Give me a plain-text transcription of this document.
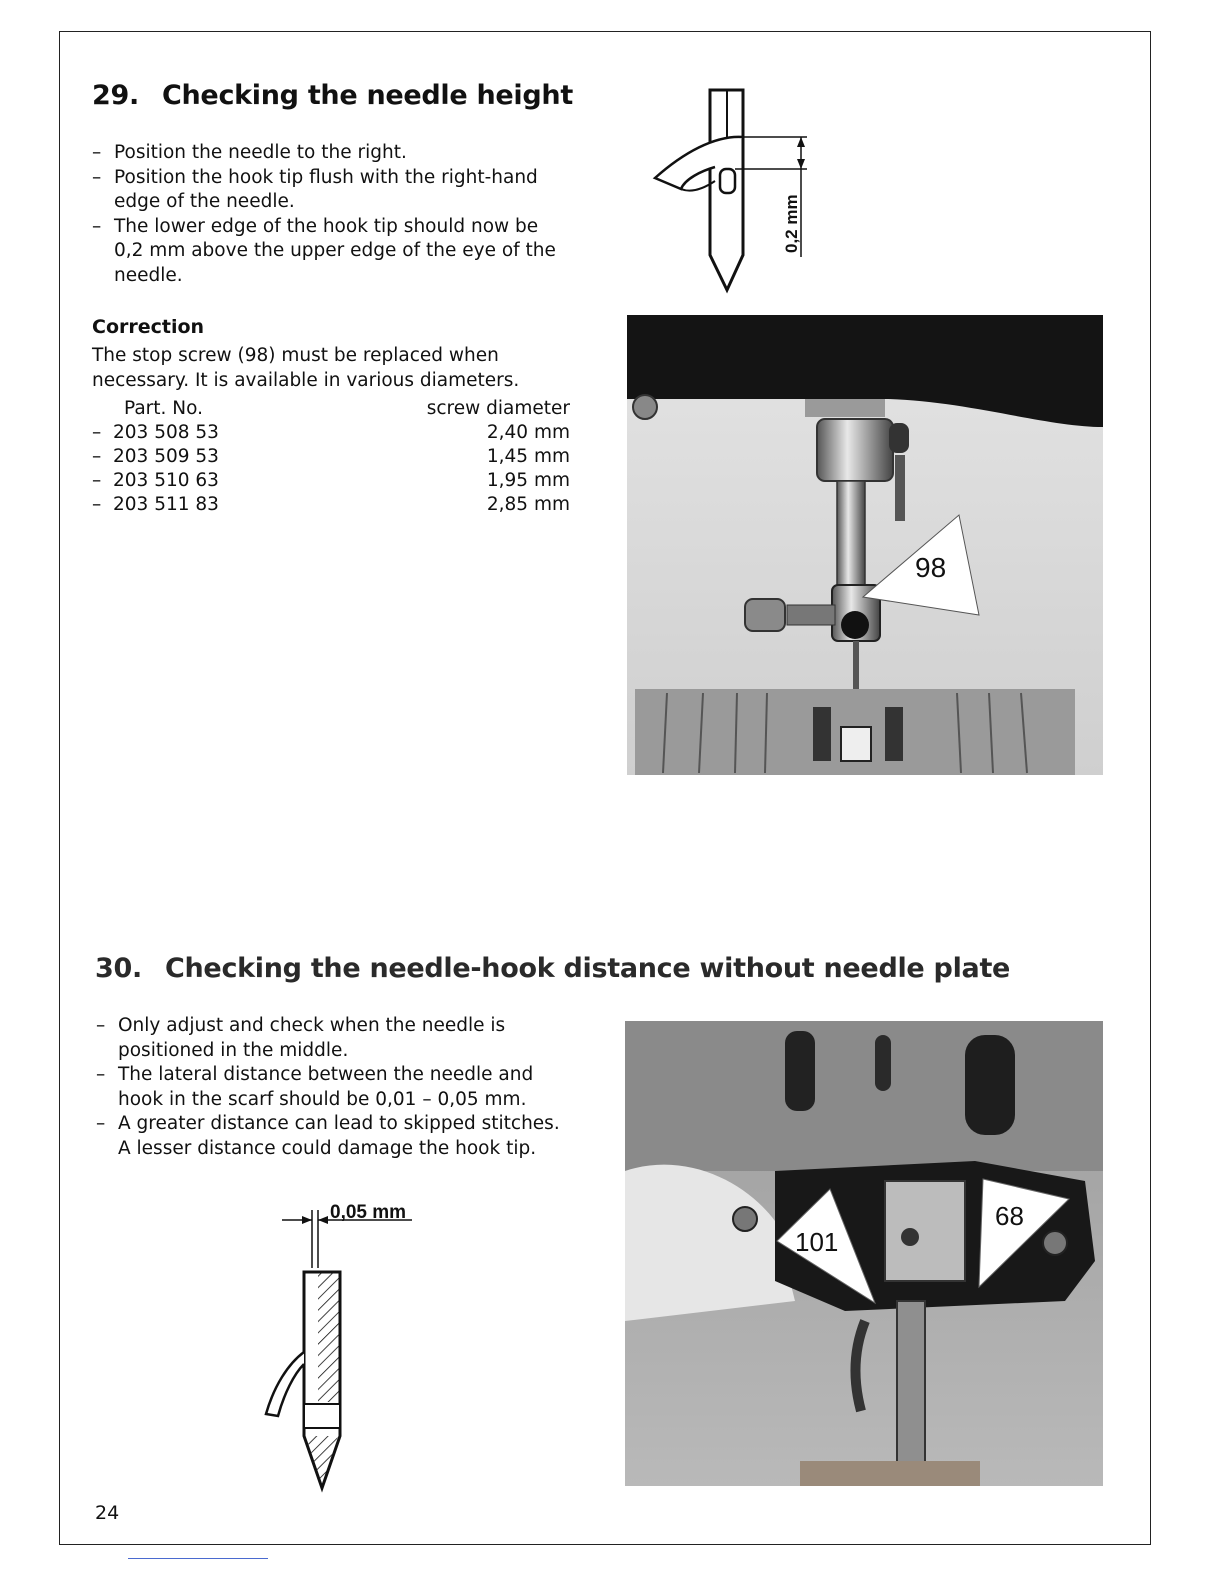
29. Checking the needle height
– Position the needle to the right.
– Position the hook tip flush with the right-hand edge of the needle.
– The lower edge of the hook tip should now be 0,2 mm above the upper edge of the eye of the needle.
Correction

The stop screw (98) must be replaced when necessary. It is available in various diameters.

Part. No.	screw diameter
–  203 508 53	2,40 mm
–  203 509 53	1,45 mm
–  203 510 63	1,95 mm
–  203 511 83	2,85 mm
0,2 mm
98
30. Checking the needle-hook distance without needle plate
– Only adjust and check when the needle is positioned in the middle.
– The lateral distance between the needle and hook in the scarf should be 0,01 – 0,05 mm.
– A greater distance can lead to skipped stitches. A lesser distance could damage the hook tip.
0,05 mm
101
68
24
